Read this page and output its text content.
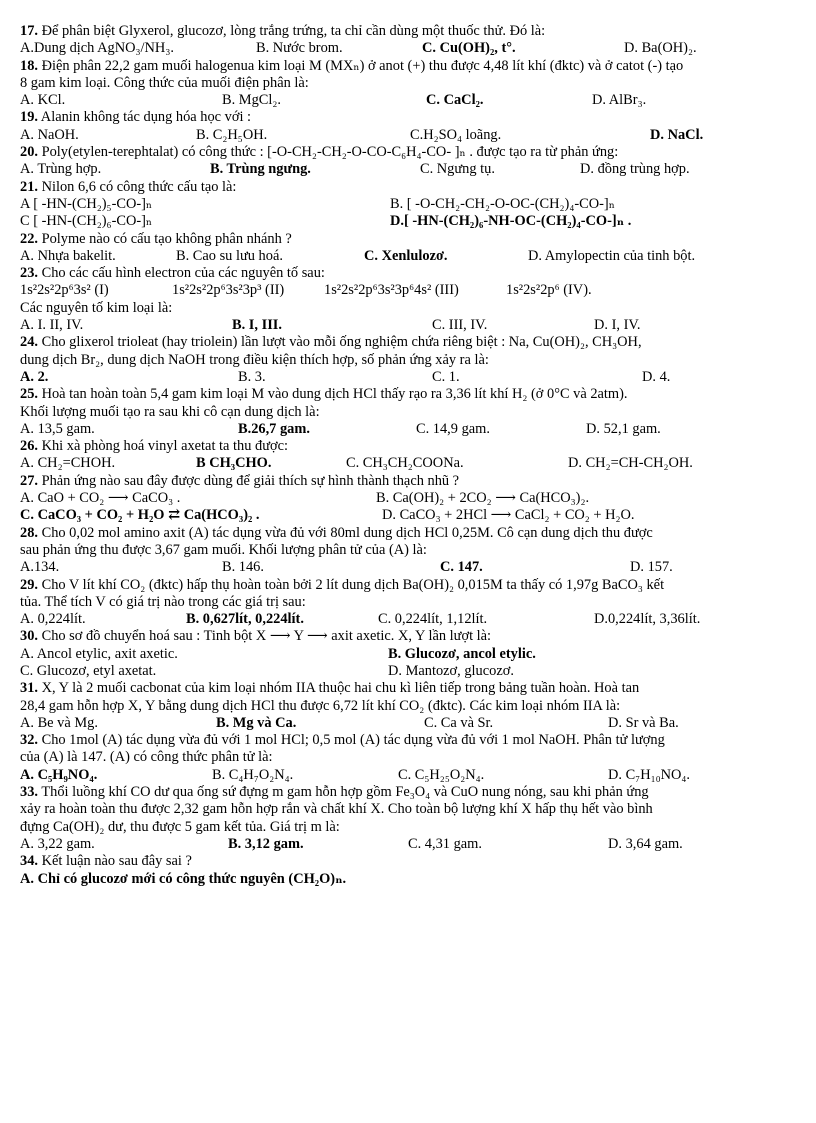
17. Để phân biệt Glyxerol, glucozơ, lòng trắng trứng, ta chỉ cần dùng một thuốc thử. Đó là:
A.Dung dịch AgNO₃/NH₃.	B. Nước brom.	C. Cu(OH)₂, t°.	D. Ba(OH)₂.
18. Điện phân 22,2 gam muối halogenua kim loại M (MXₙ) ở anot (+) thu được 4,48 lít khí (đktc) và ở catot (-) tạo
8 gam kim loại. Công thức của muối điện phân là:
A. KCl.	B. MgCl₂.	C. CaCl₂.	D. AlBr₃.
19. Alanin không tác dụng hóa học với :
A. NaOH.	B. C₂H₅OH.	C.H₂SO₄ loãng.	D. NaCl.
20. Poly(etylen-terephtalat) có công thức : [-O-CH₂-CH₂-O-CO-C₆H₄-CO- ]ₙ . được tạo ra từ phản ứng:
A. Trùng hợp.	B. Trùng ngưng.	C. Ngưng tụ.	D. đồng trùng hợp.
21. Nilon 6,6 có công thức cấu tạo là:
A [ -HN-(CH₂)₅-CO-]ₙ	B. [ -O-CH₂-CH₂-O-OC-(CH₂)₄-CO-]ₙ
C [ -HN-(CH₂)₆-CO-]ₙ	D.[ -HN-(CH₂)₆-NH-OC-(CH₂)₄-CO-]ₙ .
22. Polyme nào có cấu tạo không phân nhánh ?
A. Nhựa bakelit.	B. Cao su lưu hoá.	C. Xenlulozơ.	D. Amylopectin của tinh bột.
23. Cho các cấu hình electron của các nguyên tố sau:
1s²2s²2p⁶3s² (I)	1s²2s²2p⁶3s²3p³ (II)	1s²2s²2p⁶3s²3p⁶4s² (III)	1s²2s²2p⁶ (IV).
Các nguyên tố kim loại là:
A. I. II, IV.	B. I, III.	C. III, IV.	D. I, IV.
24. Cho glixerol trioleat (hay triolein) lần lượt vào mỗi ống nghiệm chứa riêng biệt : Na, Cu(OH)₂, CH₃OH,
dung dịch Br₂, dung dịch NaOH trong điều kiện thích hợp, số phản ứng xảy ra là:
A. 2.	B. 3.	C. 1.	D. 4.
25. Hoà tan hoàn toàn 5,4 gam kim loại M vào dung dịch HCl thấy rạo ra 3,36 lít khí H₂ (ở 0°C và 2atm).
Khối lượng muối tạo ra sau khi cô cạn dung dịch là:
A. 13,5 gam.	B.26,7 gam.	C. 14,9 gam.	D. 52,1 gam.
26. Khi xà phòng hoá vinyl axetat ta thu được:
A. CH₂=CHOH.	B CH₃CHO.	C. CH₃CH₂COONa.	D. CH₂=CH-CH₂OH.
27. Phản ứng nào sau đây được dùng để giải thích sự hình thành thạch nhũ ?
A. CaO + CO₂ ⟶ CaCO₃ .	B. Ca(OH)₂ + 2CO₂ ⟶ Ca(HCO₃)₂.
C. CaCO₃ + CO₂ + H₂O ⇄ Ca(HCO₃)₂ .	D. CaCO₃ + 2HCl ⟶ CaCl₂ + CO₂ + H₂O.
28. Cho 0,02 mol amino axit (A) tác dụng vừa đủ với 80ml dung dịch HCl 0,25M. Cô cạn dung dịch thu được
sau phản ứng thu được 3,67 gam muối. Khối lượng phân tử của (A) là:
A.134.	B. 146.	C. 147.	D. 157.
29. Cho V lít khí CO₂ (đktc) hấp thụ hoàn toàn bởi 2 lít dung dịch Ba(OH)₂ 0,015M ta thấy có 1,97g BaCO₃ kết
tủa. Thể tích V có giá trị nào trong các giá trị sau:
A. 0,224lít.	B. 0,627lít, 0,224lít.	C. 0,224lít, 1,12lít.	D.0,224lít, 3,36lít.
30. Cho sơ đồ chuyển hoá sau : Tinh bột X ⟶ Y ⟶ axit axetic. X, Y lần lượt là:
A. Ancol etylic, axit axetic.	B. Glucozơ, ancol etylic.
C. Glucozơ, etyl axetat.	D. Mantozơ, glucozơ.
31. X, Y là 2 muối cacbonat của kim loại nhóm IIA thuộc hai chu kì liên tiếp trong bảng tuần hoàn. Hoà tan
28,4 gam hỗn hợp X, Y bằng dung dịch HCl thu được 6,72 lít khí CO₂ (đktc). Các kim loại nhóm IIA là:
A. Be và Mg.	B. Mg và Ca.	C. Ca và Sr.	D. Sr và Ba.
32. Cho 1mol (A) tác dụng vừa đủ với 1 mol HCl; 0,5 mol (A) tác dụng vừa đủ với 1 mol NaOH. Phân tử lượng
của (A) là 147. (A) có công thức phân tử là:
A. C₅H₉NO₄.	B. C₄H₇O₂N₄.	C. C₅H₂₅O₂N₄.	D. C₇H₁₀NO₄.
33. Thổi luồng khí CO dư qua ống sứ đựng m gam hỗn hợp gồm Fe₃O₄ và CuO nung nóng, sau khi phản ứng
xảy ra hoàn toàn thu được 2,32 gam hỗn hợp rắn và chất khí X. Cho toàn bộ lượng khí X hấp thụ hết vào bình
đựng Ca(OH)₂ dư, thu được 5 gam kết tủa. Giá trị m là:
A. 3,22 gam.	B. 3,12 gam.	C. 4,31 gam.	D. 3,64 gam.
34. Kết luận nào sau đây sai ?
A. Chỉ có glucozơ mới có công thức nguyên (CH₂O)ₙ.
